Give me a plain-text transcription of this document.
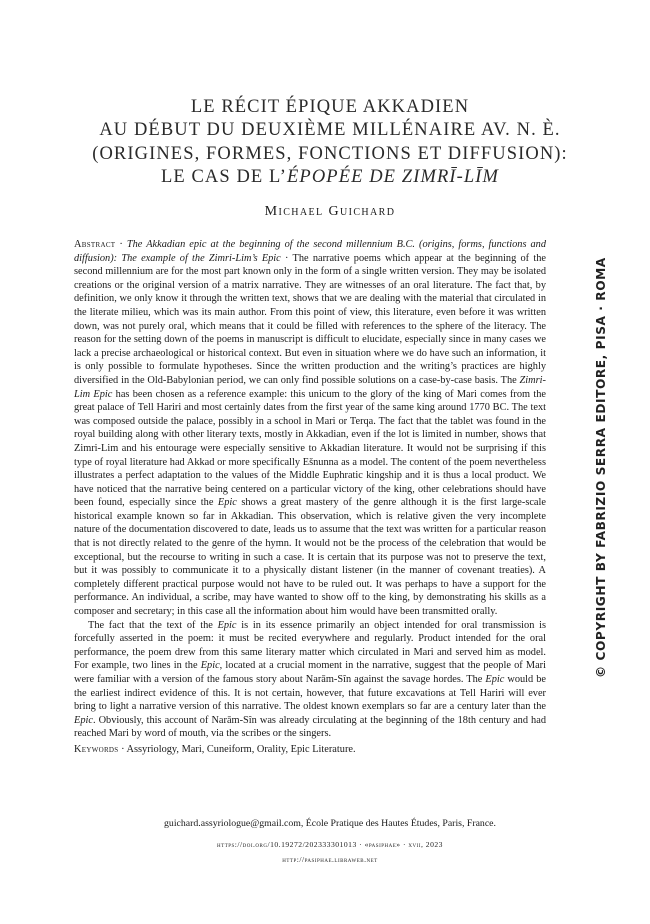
LE RÉCIT ÉPIQUE AKKADIEN
AU DÉBUT DU DEUXIÈME MILLÉNAIRE AV. N. È.
(ORIGINES, FORMES, FONCTIONS ET DIFFUSION):
LE CAS DE L’ÉPOPÉE DE ZIMRĪ-LĪM
Michael Guichard

Abstract · The Akkadian epic at the beginning of the second millennium B.C. (origins, forms, functions and diffusion): The example of the Zimri-Lim’s Epic · The narrative poems which appear at the beginning of the second millennium are for the most part known only in the form of a single written version. They may be isolated creations or the original version of a matrix narrative. They are witnesses of an oral literature. The fact that, by definition, we only know it through the written text, shows that we are dealing with the material that circulated in the literate milieu, which was its main author. From this point of view, this literature, even before it was written down, was not purely oral, which means that it could be filled with references to the sphere of the literacy. The reason for the setting down of the poems in manuscript is difficult to elucidate, especially since in many cases we lack a precise archaeological or historical context. But even in situation where we do have such an information, it is only possible to formulate hypotheses. Since the written production and the writing’s practices are highly diversified in the Old-Babylonian period, we can only find possible solutions on a case-by-case basis. The Zimri-Lim Epic has been chosen as a reference example: this unicum to the glory of the king of Mari comes from the great palace of Tell Hariri and most certainly dates from the first year of the same king around 1770 BC. The text was composed outside the palace, possibly in a school in Mari or Terqa. The fact that the tablet was found in the royal building along with other literary texts, mostly in Akkadian, even if the lot is limited in number, shows that Zimri-Lim and his entourage were especially sensitive to Akkadian literature. It would not be surprising if this type of royal literature had Akkad or more specifically Ešnunna as a model. The content of the poem nevertheless illustrates a perfect adaptation to the values of the Middle Euphratic kingship and it is thus a local product. We have noticed that the narrative being centered on a particular victory of the king, other celebrations should have been found, especially since the Epic shows a great mastery of the genre although it is the first large-scale historical example known so far in Akkadian. This observation, which is relative given the very incomplete nature of the documentation discovered to date, leads us to assume that the text was written for a particular reason that is not directly related to the genre of the hymn. It would not be the process of the celebration that would be exceptional, but the recourse to writing in such a case. It is certain that its purpose was not to preserve the text, but it was possibly to communicate it to a physically distant listener (in the manner of covenant treaties). A completely different practical purpose would not have to be ruled out. It was perhaps to have a support for the performance. An individual, a scribe, may have wanted to show off to the king, by demonstrating his skills as a composer and secretary; in this case all the information about him would have been transmitted orally.

The fact that the text of the Epic is in its essence primarily an object intended for oral transmission is forcefully asserted in the poem: it must be recited everywhere and regularly. Product intended for the oral performance, the poem drew from this same literary matter which circulated in Mari and served him as model. For example, two lines in the Epic, located at a crucial moment in the narrative, suggest that the people of Mari were familiar with a version of the famous story about Narām-Sîn against the savage hordes. The Epic would be the earliest indirect evidence of this. It is not certain, however, that future excavations at Tell Hariri will ever bring to light a narrative version of this narrative. The oldest known exemplars so far are a century later than the Epic. Obviously, this account of Narām-Sîn was already circulating at the beginning of the 18th century and had reached Mari by word of mouth, via the scribes or the singers.

Keywords · Assyriology, Mari, Cuneiform, Orality, Epic Literature.

guichard.assyriologue@gmail.com, École Pratique des Hautes Études, Paris, France.
https://doi.org/10.19272/202333301013 · «pasiphae» · xvii, 2023
http://pasiphae.libraweb.net
© COPYRIGHT BY FABRIZIO SERRA EDITORE, PISA · ROMA
